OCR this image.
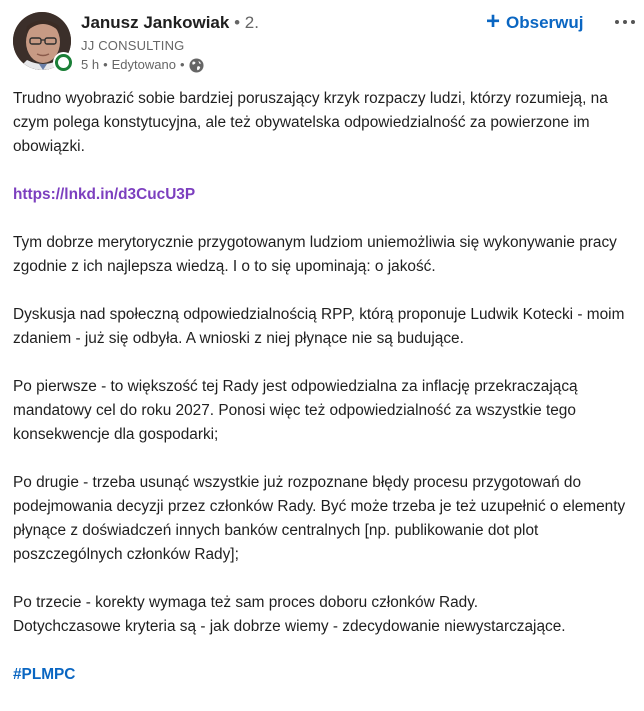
Janusz Jankowiak • 2.
JJ CONSULTING
5 h • Edytowano •
+ Obserwuj

Trudno wyobrazić sobie bardziej poruszający krzyk rozpaczy ludzi, którzy rozumieją, na czym polega konstytucyjna, ale też obywatelska odpowiedzialność za powierzone im obowiązki.

https://lnkd.in/d3CucU3P

Tym dobrze merytorycznie przygotowanym ludziom uniemożliwia się wykonywanie pracy zgodnie z ich najlepsza wiedzą. I o to się upominają: o jakość.

Dyskusja nad społeczną odpowiedzialnością RPP, którą proponuje Ludwik Kotecki - moim zdaniem - już się odbyła. A wnioski z niej płynące nie są budujące.

Po pierwsze - to większość tej Rady jest odpowiedzialna za inflację przekraczającą mandatowy cel do roku 2027. Ponosi więc też odpowiedzialność za wszystkie tego konsekwencje dla gospodarki;

Po drugie - trzeba usunąć wszystkie już rozpoznane błędy procesu przygotowań do podejmowania decyzji przez członków Rady. Być może trzeba je też uzupełnić o elementy płynące z doświadczeń innych banków centralnych [np. publikowanie dot plot poszczególnych członków Rady];

Po trzecie - korekty wymaga też sam proces doboru członków Rady.
Dotychczasowe kryteria są - jak dobrze wiemy - zdecydowanie niewystarczające.

#PLMPC
